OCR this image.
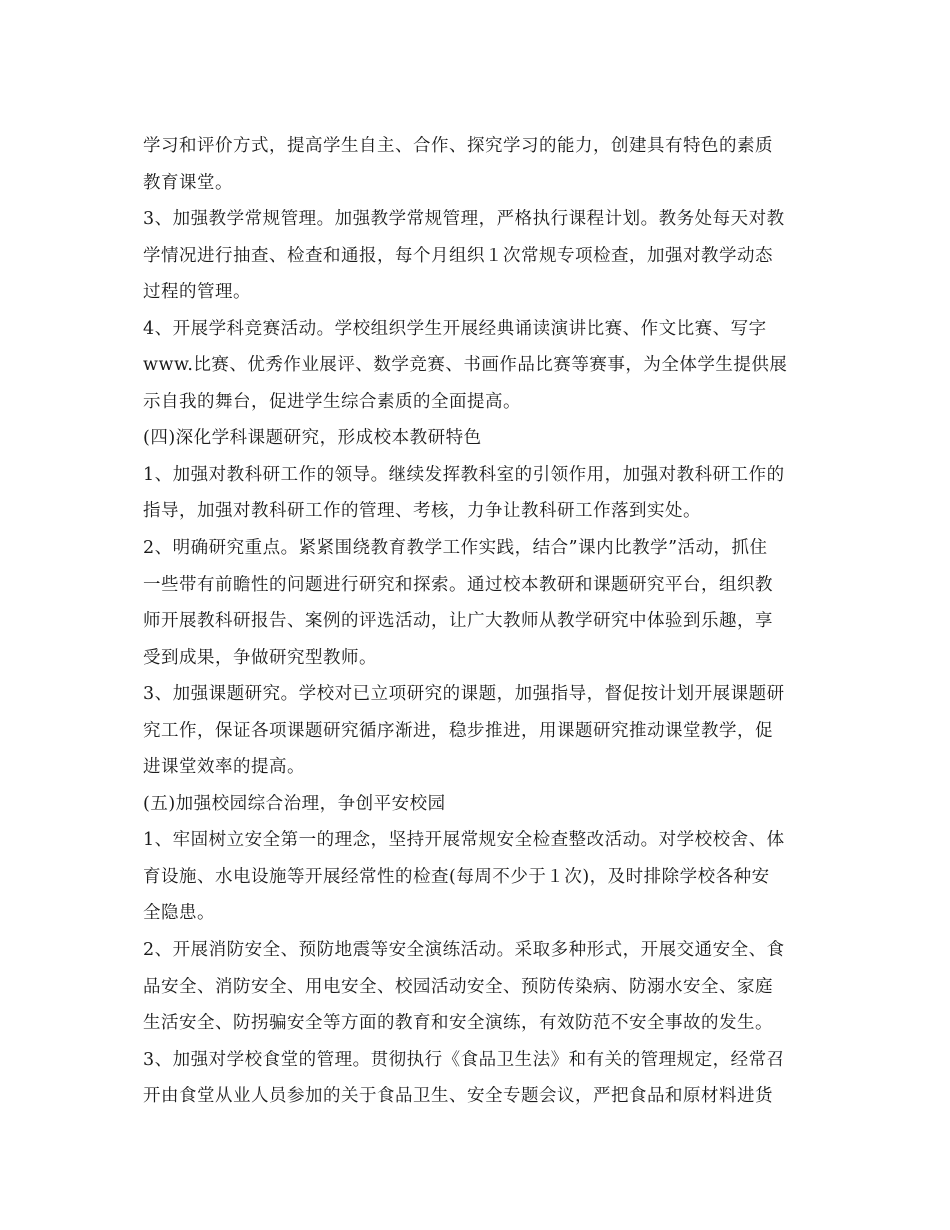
学习和评价方式，提高学生自主、合作、探究学习的能力，创建具有特色的素质
教育课堂。
3、加强教学常规管理。加强教学常规管理，严格执行课程计划。教务处每天对教
学情况进行抽查、检查和通报，每个月组织１次常规专项检查，加强对教学动态
过程的管理。
4、开展学科竞赛活动。学校组织学生开展经典诵读演讲比赛、作文比赛、写字
www.比赛、优秀作业展评、数学竞赛、书画作品比赛等赛事，为全体学生提供展
示自我的舞台，促进学生综合素质的全面提高。
(四)深化学科课题研究，形成校本教研特色
1、加强对教科研工作的领导。继续发挥教科室的引领作用，加强对教科研工作的
指导，加强对教科研工作的管理、考核，力争让教科研工作落到实处。
2、明确研究重点。紧紧围绕教育教学工作实践，结合”课内比教学”活动，抓住
一些带有前瞻性的问题进行研究和探索。通过校本教研和课题研究平台，组织教
师开展教科研报告、案例的评选活动，让广大教师从教学研究中体验到乐趣，享
受到成果，争做研究型教师。
3、加强课题研究。学校对已立项研究的课题，加强指导，督促按计划开展课题研
究工作，保证各项课题研究循序渐进，稳步推进，用课题研究推动课堂教学，促
进课堂效率的提高。
(五)加强校园综合治理，争创平安校园
1、牢固树立安全第一的理念，坚持开展常规安全检查整改活动。对学校校舍、体
育设施、水电设施等开展经常性的检查(每周不少于１次)，及时排除学校各种安
全隐患。
2、开展消防安全、预防地震等安全演练活动。采取多种形式，开展交通安全、食
品安全、消防安全、用电安全、校园活动安全、预防传染病、防溺水安全、家庭
生活安全、防拐骗安全等方面的教育和安全演练，有效防范不安全事故的发生。
3、加强对学校食堂的管理。贯彻执行《食品卫生法》和有关的管理规定，经常召
开由食堂从业人员参加的关于食品卫生、安全专题会议，严把食品和原材料进货
